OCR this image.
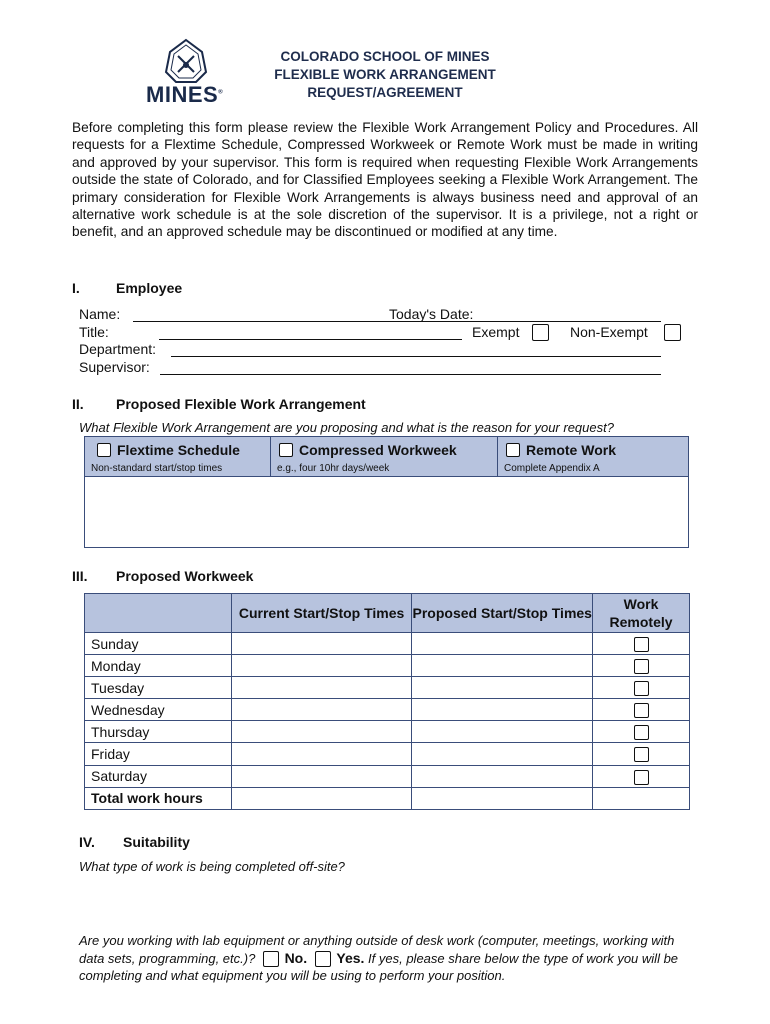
MINES®
COLORADO SCHOOL OF MINES
FLEXIBLE WORK ARRANGEMENT
REQUEST/AGREEMENT
Before completing this form please review the Flexible Work Arrangement Policy and Procedures. All requests for a Flextime Schedule, Compressed Workweek or Remote Work must be made in writing and approved by your supervisor. This form is required when requesting Flexible Work Arrangements outside the state of Colorado, and for Classified Employees seeking a Flexible Work Arrangement. The primary consideration for Flexible Work Arrangements is always business need and approval of an alternative work schedule is at the sole discretion of the supervisor. It is a privilege, not a right or benefit, and an approved schedule may be discontinued or modified at any time.
I.	Employee
Name:	Today's Date:
Title:	Exempt	Non-Exempt
Department:
Supervisor:
II. Proposed Flexible Work Arrangement
What Flexible Work Arrangement are you proposing and what is the reason for your request?
Flextime Schedule
Non-standard start/stop times
Compressed Workweek
e.g., four 10hr days/week
Remote Work
Complete Appendix A
III. Proposed Workweek
	Current Start/Stop Times	Proposed Start/Stop Times	Work Remotely
Sunday			
Monday			
Tuesday			
Wednesday			
Thursday			
Friday			
Saturday			
Total work hours			
IV. Suitability
What type of work is being completed off-site?
Are you working with lab equipment or anything outside of desk work (computer, meetings, working with data sets, programming, etc.)? No. Yes. If yes, please share below the type of work you will be completing and what equipment you will be using to perform your position.
